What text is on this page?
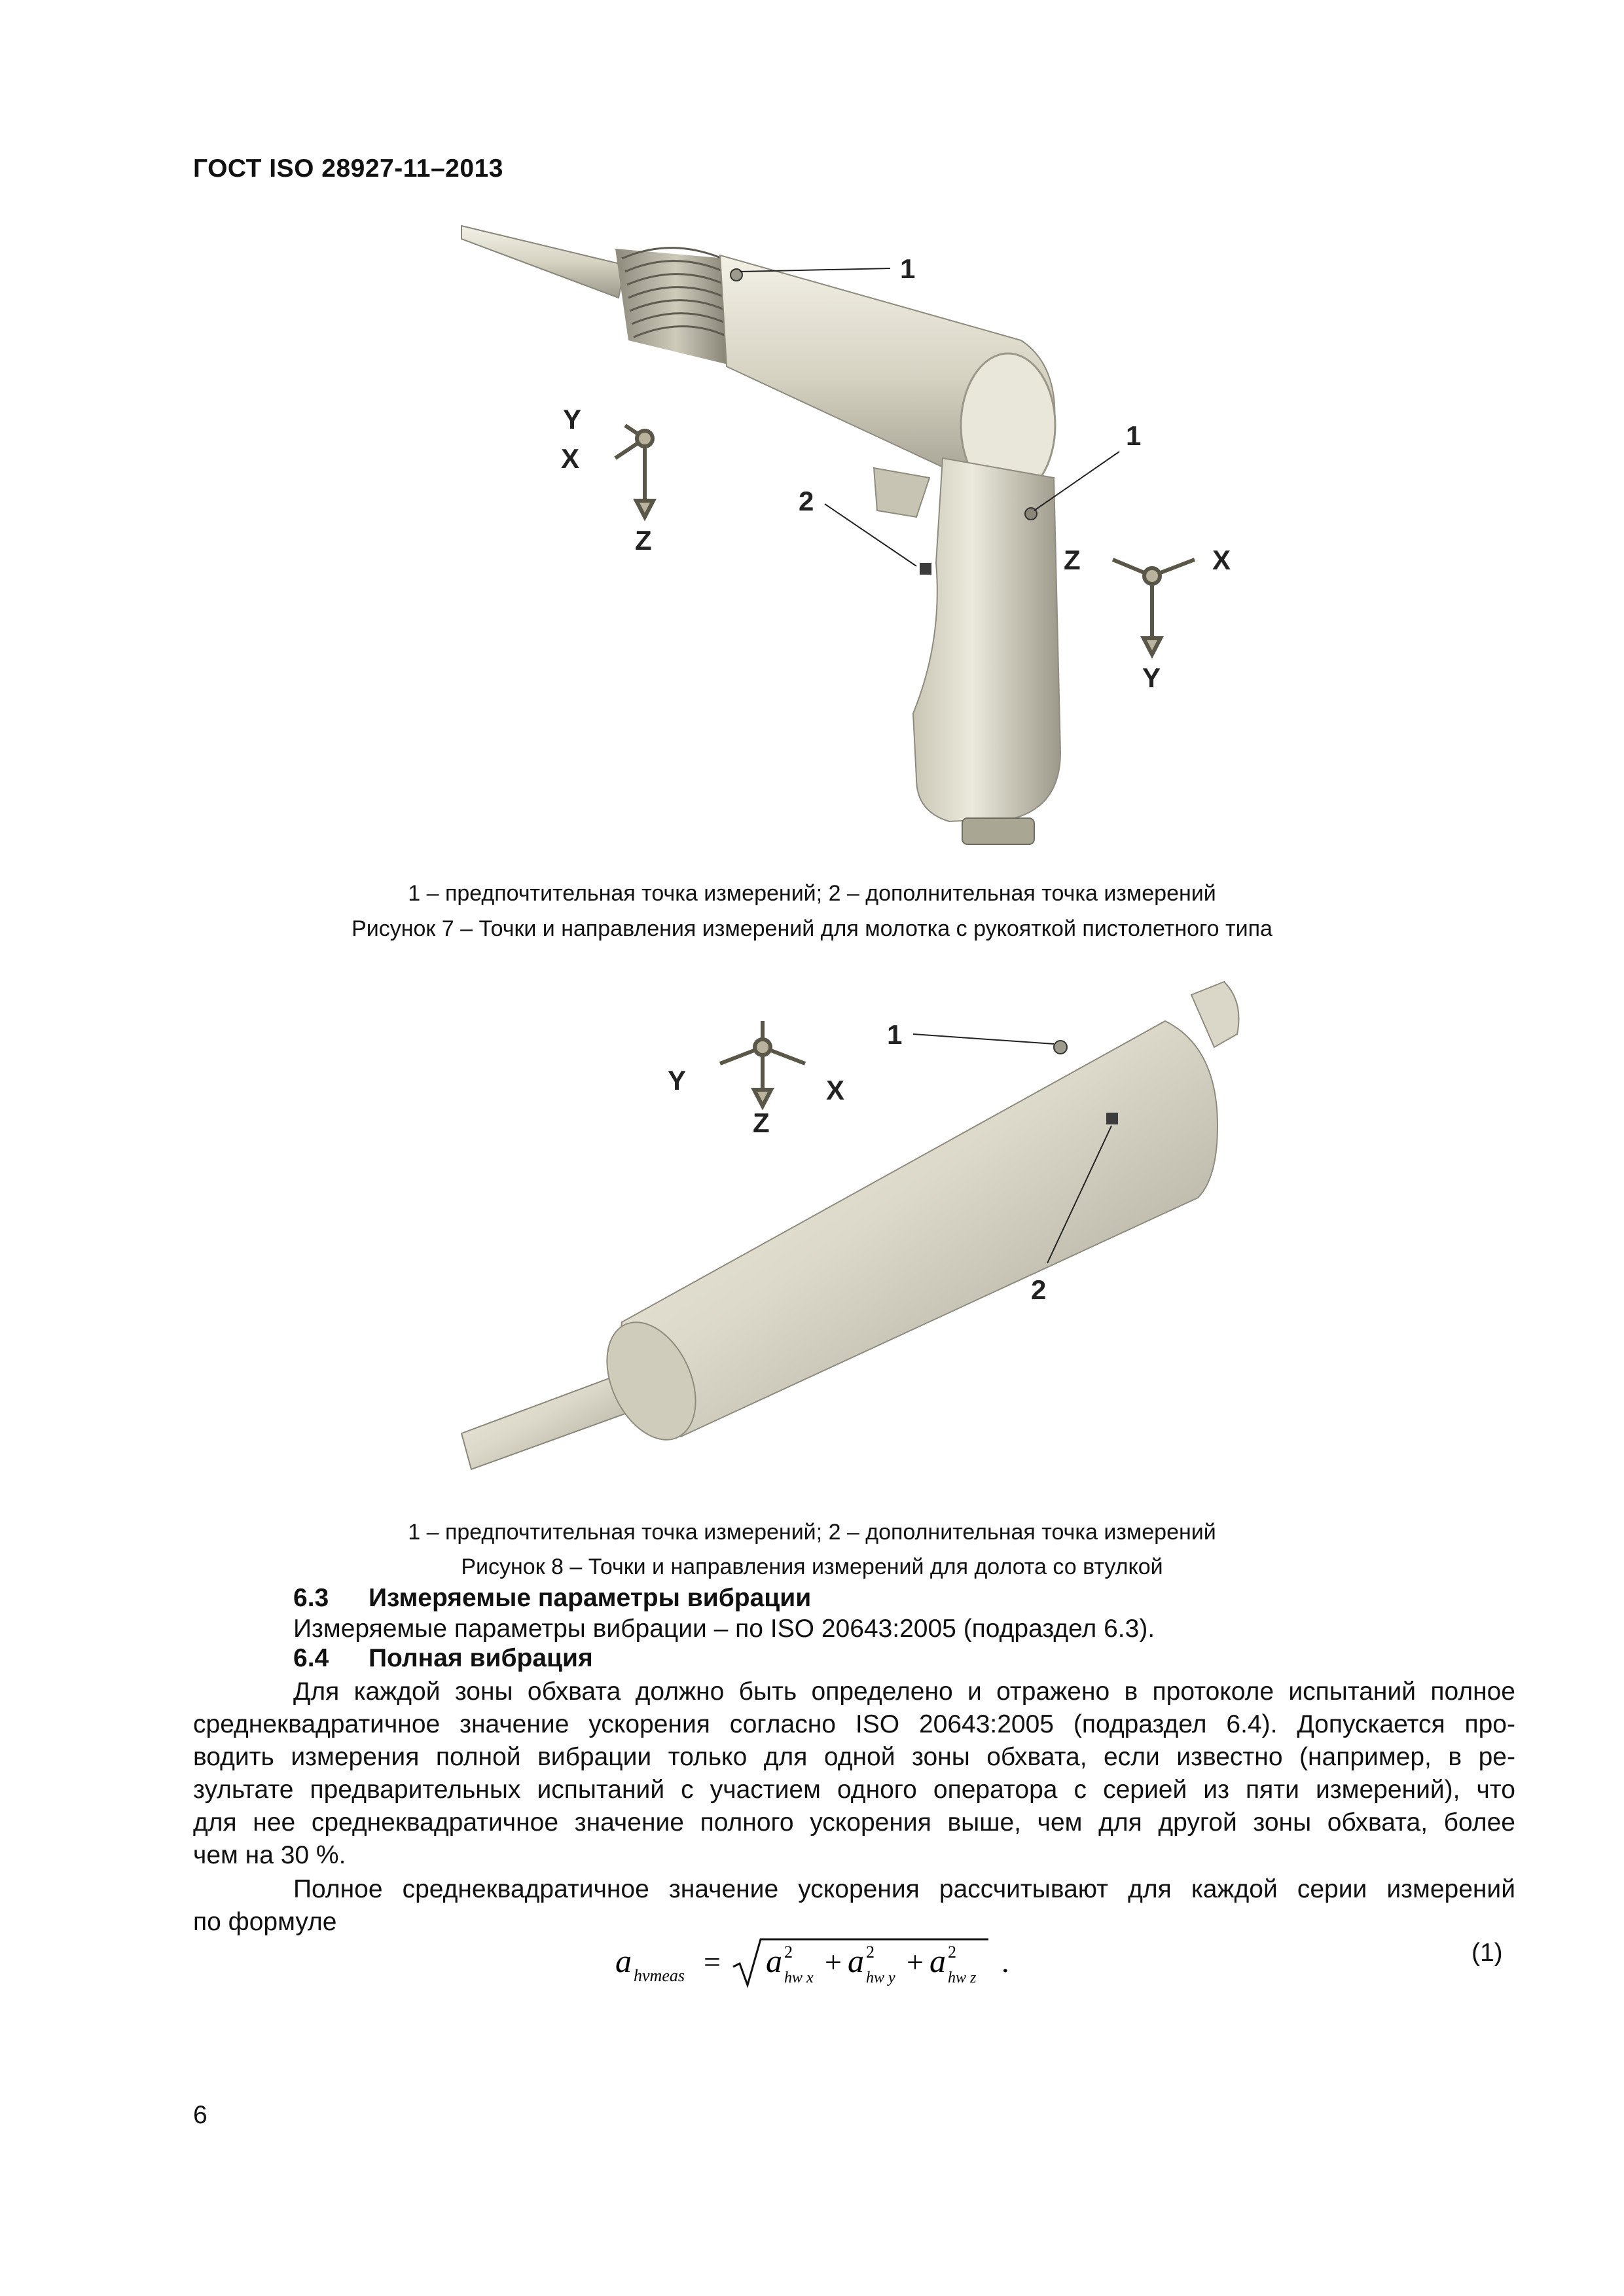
ГОСТ ISO 28927-11–2013
1
1
2
Y
X
Z
Z	X
Y
1 – предпочтительная точка измерений; 2 – дополнительная точка измерений
Рисунок 7 – Точки и направления измерений для молотка с рукояткой пистолетного типа
1
2
Y	X
Z
1 – предпочтительная точка измерений; 2 – дополнительная точка измерений
Рисунок 8 – Точки и направления измерений для долота со втулкой
6.3 Измеряемые параметры вибрации
Измеряемые параметры вибрации – по ISO 20643:2005 (подраздел 6.3).
6.4 Полная вибрация
Для каждой зоны обхвата должно быть определено и отражено в протоколе испытаний полное
среднеквадратичное значение ускорения согласно ISO 20643:2005 (подраздел 6.4). Допускается про-
водить измерения полной вибрации только для одной зоны обхвата, если известно (например, в ре-
зультате предварительных испытаний с участием одного оператора с серией из пяти измерений), что
для нее среднеквадратичное значение полного ускорения выше, чем для другой зоны обхвата, более
чем на 30 %.
Полное среднеквадратичное значение ускорения рассчитывают для каждой серии измерений
по формуле
a hvmeas = a 2
hw x + a 2
hw y + a 2
hw z .	(1)
6
